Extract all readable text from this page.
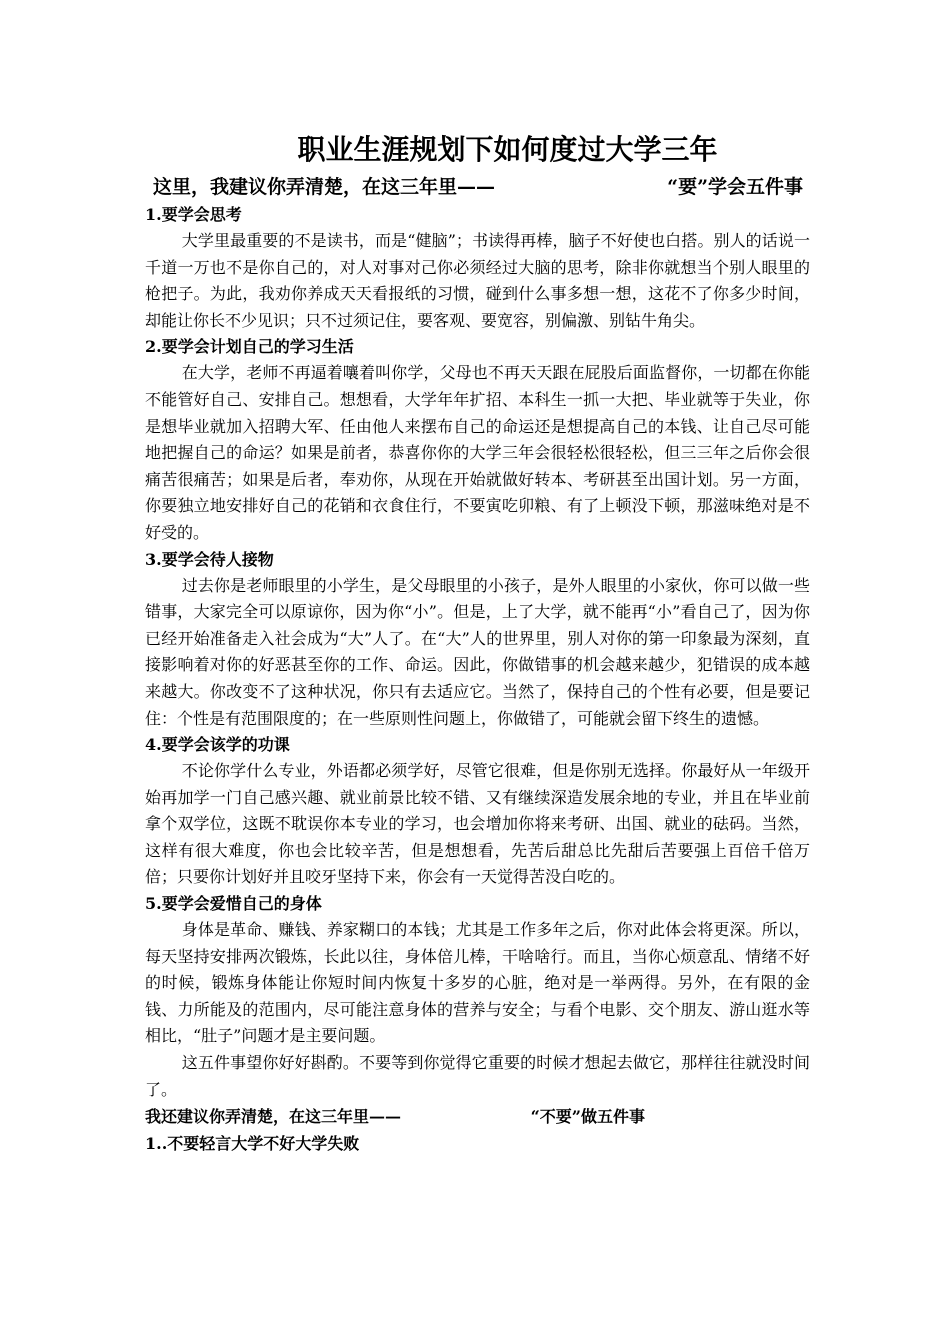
职业生涯规划下如何度过大学三年
这里，我建议你弄清楚，在这三年里——	“要”学会五件事

1.要学会思考

大学里最重要的不是读书，而是“健脑”；书读得再棒，脑子不好使也白搭。别人的话说一千道一万也不是你自己的，对人对事对己你必须经过大脑的思考，除非你就想当个别人眼里的枪把子。为此，我劝你养成天天看报纸的习惯，碰到什么事多想一想，这花不了你多少时间，却能让你长不少见识；只不过须记住，要客观、要宽容，别偏激、别钻牛角尖。

2.要学会计划自己的学习生活

在大学，老师不再逼着嚷着叫你学，父母也不再天天跟在屁股后面监督你，一切都在你能不能管好自己、安排自己。想想看，大学年年扩招、本科生一抓一大把、毕业就等于失业，你是想毕业就加入招聘大军、任由他人来摆布自己的命运还是想提高自己的本钱、让自己尽可能地把握自己的命运？如果是前者，恭喜你你的大学三年会很轻松很轻松，但三三年之后你会很痛苦很痛苦；如果是后者，奉劝你，从现在开始就做好转本、考研甚至出国计划。另一方面，你要独立地安排好自己的花销和衣食住行，不要寅吃卯粮、有了上顿没下顿，那滋味绝对是不好受的。

3.要学会待人接物

过去你是老师眼里的小学生，是父母眼里的小孩子，是外人眼里的小家伙，你可以做一些错事，大家完全可以原谅你，因为你“小”。但是，上了大学，就不能再“小”看自己了，因为你已经开始准备走入社会成为“大”人了。在“大”人的世界里，别人对你的第一印象最为深刻，直接影响着对你的好恶甚至你的工作、命运。因此，你做错事的机会越来越少，犯错误的成本越来越大。你改变不了这种状况，你只有去适应它。当然了，保持自己的个性有必要，但是要记住：个性是有范围限度的；在一些原则性问题上，你做错了，可能就会留下终生的遗憾。

4.要学会该学的功课

不论你学什么专业，外语都必须学好，尽管它很难，但是你别无选择。你最好从一年级开始再加学一门自己感兴趣、就业前景比较不错、又有继续深造发展余地的专业，并且在毕业前拿个双学位，这既不耽误你本专业的学习，也会增加你将来考研、出国、就业的砝码。当然，这样有很大难度，你也会比较辛苦，但是想想看，先苦后甜总比先甜后苦要强上百倍千倍万倍；只要你计划好并且咬牙坚持下来，你会有一天觉得苦没白吃的。

5.要学会爱惜自己的身体

身体是革命、赚钱、养家糊口的本钱；尤其是工作多年之后，你对此体会将更深。所以，每天坚持安排两次锻炼，长此以往，身体倍儿棒，干啥啥行。而且，当你心烦意乱、情绪不好的时候，锻炼身体能让你短时间内恢复十多岁的心脏，绝对是一举两得。另外，在有限的金钱、力所能及的范围内，尽可能注意身体的营养与安全；与看个电影、交个朋友、游山逛水等相比，“肚子”问题才是主要问题。

这五件事望你好好斟酌。不要等到你觉得它重要的时候才想起去做它，那样往往就没时间了。

我还建议你弄清楚，在这三年里——	“不要”做五件事

1..不要轻言大学不好大学失败
